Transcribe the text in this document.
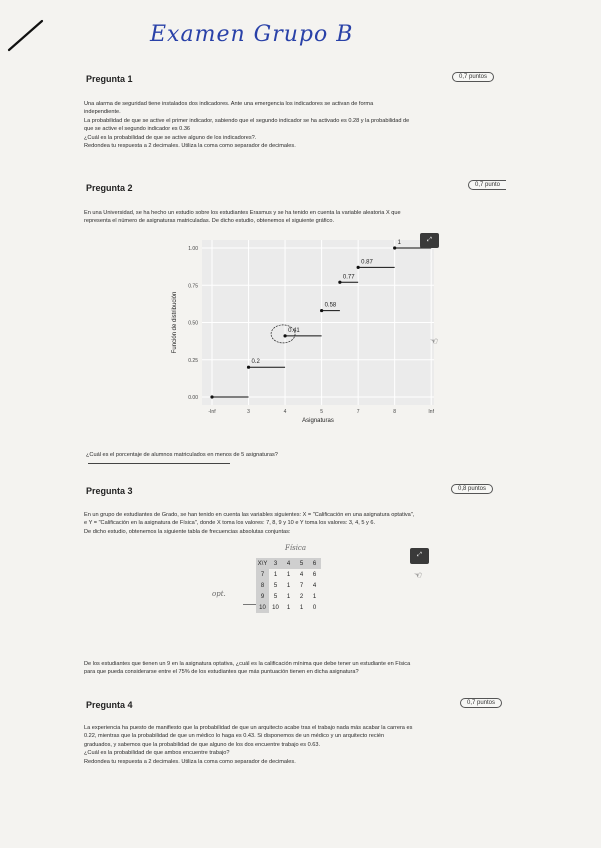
Examen Grupo B
Pregunta 1	0,7 puntos

Una alarma de seguridad tiene instalados dos indicadores. Ante una emergencia los indicadores se activan de forma

independiente.

La probabilidad de que se active el primer indicador, sabiendo que el segundo indicador se ha activado es 0.28 y la probabilidad de

que se active el segundo indicador es 0.36

¿Cuál es la probabilidad de que se active alguno de los indicadores?.

Redondea tu respuesta a 2 decimales. Utiliza la coma como separador de decimales.

Pregunta 2	0,7 punto

En una Universidad, se ha hecho un estudio sobre los estudiantes Erasmus y se ha tenido en cuenta la variable aleatoria X que

representa el número de asignaturas matriculadas. De dicho estudio, obtenemos el siguiente gráfico.

0.00
0.25
0.50
0.75
1.00
-Inf	3	4	5	7	8	Inf
Asignaturas
Función de distribución
0.2
0.41
0.58
0.77
0.87
1	⤢
☜
¿Cuál es el porcentaje de alumnos matriculados en menos de 5 asignaturas?
Pregunta 3	0,8 puntos

En un grupo de estudiantes de Grado, se han tenido en cuenta las variables siguientes: X = "Calificación en una asignatura optativa",

e Y = "Calificación en la asignatura de Física", donde X toma los valores: 7, 8, 9 y 10 e Y toma los valores: 3, 4, 5 y 6.

De dicho estudio, obtenemos la siguiente tabla de frecuencias absolutas conjuntas:

Física
opt.
X\Y	3	4	5	6
7	1	1	4	6
8	5	1	7	4
9	5	1	2	1
10	10	1	1	0
⤢
☜

De los estudiantes que tienen un 9 en la asignatura optativa, ¿cuál es la calificación mínima que debe tener un estudiante en Física

para que pueda considerarse entre el 75% de los estudiantes que más puntuación tienen en dicha asignatura?

Pregunta 4	0,7 puntos

La experiencia ha puesto de manifiesto que la probabilidad de que un arquitecto acabe tras el trabajo nada más acabar la carrera es

0.22, mientras que la probabilidad de que un médico lo haga es 0.43. Si disponemos de un médico y un arquitecto recién

graduados, y sabemos que la probabilidad de que alguno de los dos encuentre trabajo es 0.63.

¿Cuál es la probabilidad de que ambos encuentre trabajo?

Redondea tu respuesta a 2 decimales. Utiliza la coma como separador de decimales.
